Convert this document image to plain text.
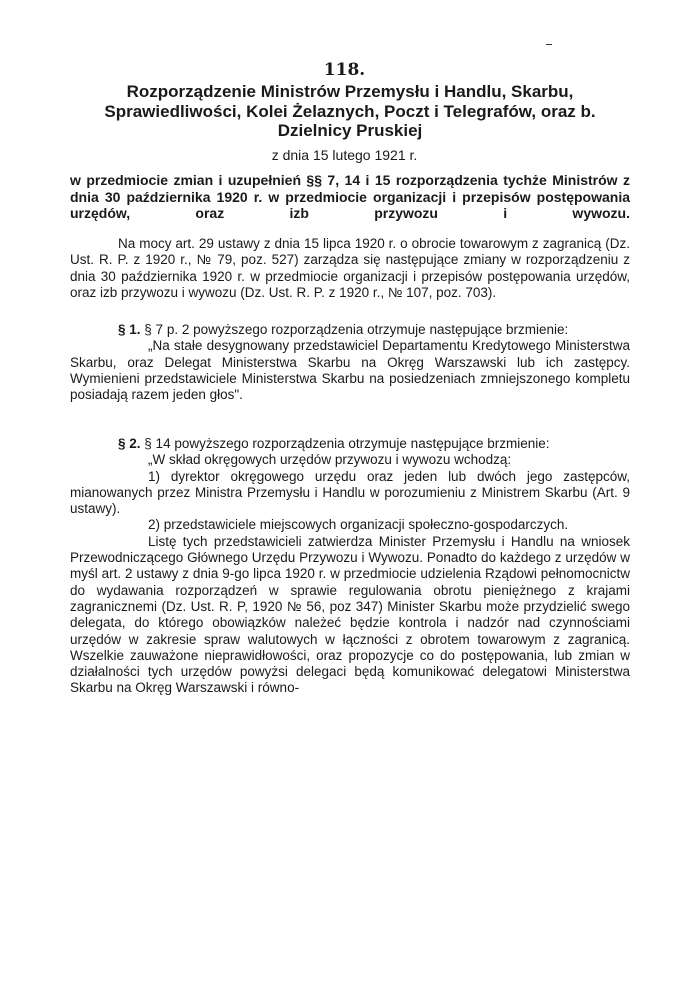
118.
Rozporządzenie Ministrów Przemysłu i Handlu, Skarbu, Sprawiedliwości, Kolei Żelaznych, Poczt i Telegrafów, oraz b. Dzielnicy Pruskiej
z dnia 15 lutego 1921 r.
w przedmiocie zmian i uzupełnień §§ 7, 14 i 15 rozporządzenia tychże Ministrów z dnia 30 października 1920 r. w przedmiocie organizacji i przepisów postępowania urzędów, oraz izb przywozu i wywozu.

Na mocy art. 29 ustawy z dnia 15 lipca 1920 r. o obrocie towarowym z zagranicą (Dz. Ust. R. P. z 1920 r., № 79, poz. 527) zarządza się następujące zmiany w rozporządzeniu z dnia 30 października 1920 r. w przedmiocie organizacji i przepisów postępowania urzędów, oraz izb przywozu i wywozu (Dz. Ust. R. P. z 1920 r., № 107, poz. 703).

§ 1. § 7 p. 2 powyższego rozporządzenia otrzymuje następujące brzmienie:

„Na stałe desygnowany przedstawiciel Departamentu Kredytowego Ministerstwa Skarbu, oraz Delegat Ministerstwa Skarbu na Okręg Warszawski lub ich zastępcy. Wymienieni przedstawiciele Ministerstwa Skarbu na posiedzeniach zmniejszonego kompletu posiadają razem jeden głos".

§ 2. § 14 powyższego rozporządzenia otrzymuje następujące brzmienie:

„W skład okręgowych urzędów przywozu i wywozu wchodzą:

1) dyrektor okręgowego urzędu oraz jeden lub dwóch jego zastępców, mianowanych przez Ministra Przemysłu i Handlu w porozumieniu z Ministrem Skarbu (Art. 9 ustawy).

2) przedstawiciele miejscowych organizacji społeczno-gospodarczych.

Listę tych przedstawicieli zatwierdza Minister Przemysłu i Handlu na wniosek Przewodniczącego Głównego Urzędu Przywozu i Wywozu. Ponadto do każdego z urzędów w myśl art. 2 ustawy z dnia 9-go lipca 1920 r. w przedmiocie udzielenia Rządowi pełnomocnictw do wydawania rozporządzeń w sprawie regulowania obrotu pieniężnego z krajami zagranicznemi (Dz. Ust. R. P, 1920 № 56, poz 347) Minister Skarbu może przydzielić swego delegata, do którego obowiązków należeć będzie kontrola i nadzór nad czynnościami urzędów w zakresie spraw walutowych w łączności z obrotem towarowym z zagranicą. Wszelkie zauważone nieprawidłowości, oraz propozycje co do postępowania, lub zmian w działalności tych urzędów powyżsi delegaci będą komunikować delegatowi Ministerstwa Skarbu na Okręg Warszawski i równo-
